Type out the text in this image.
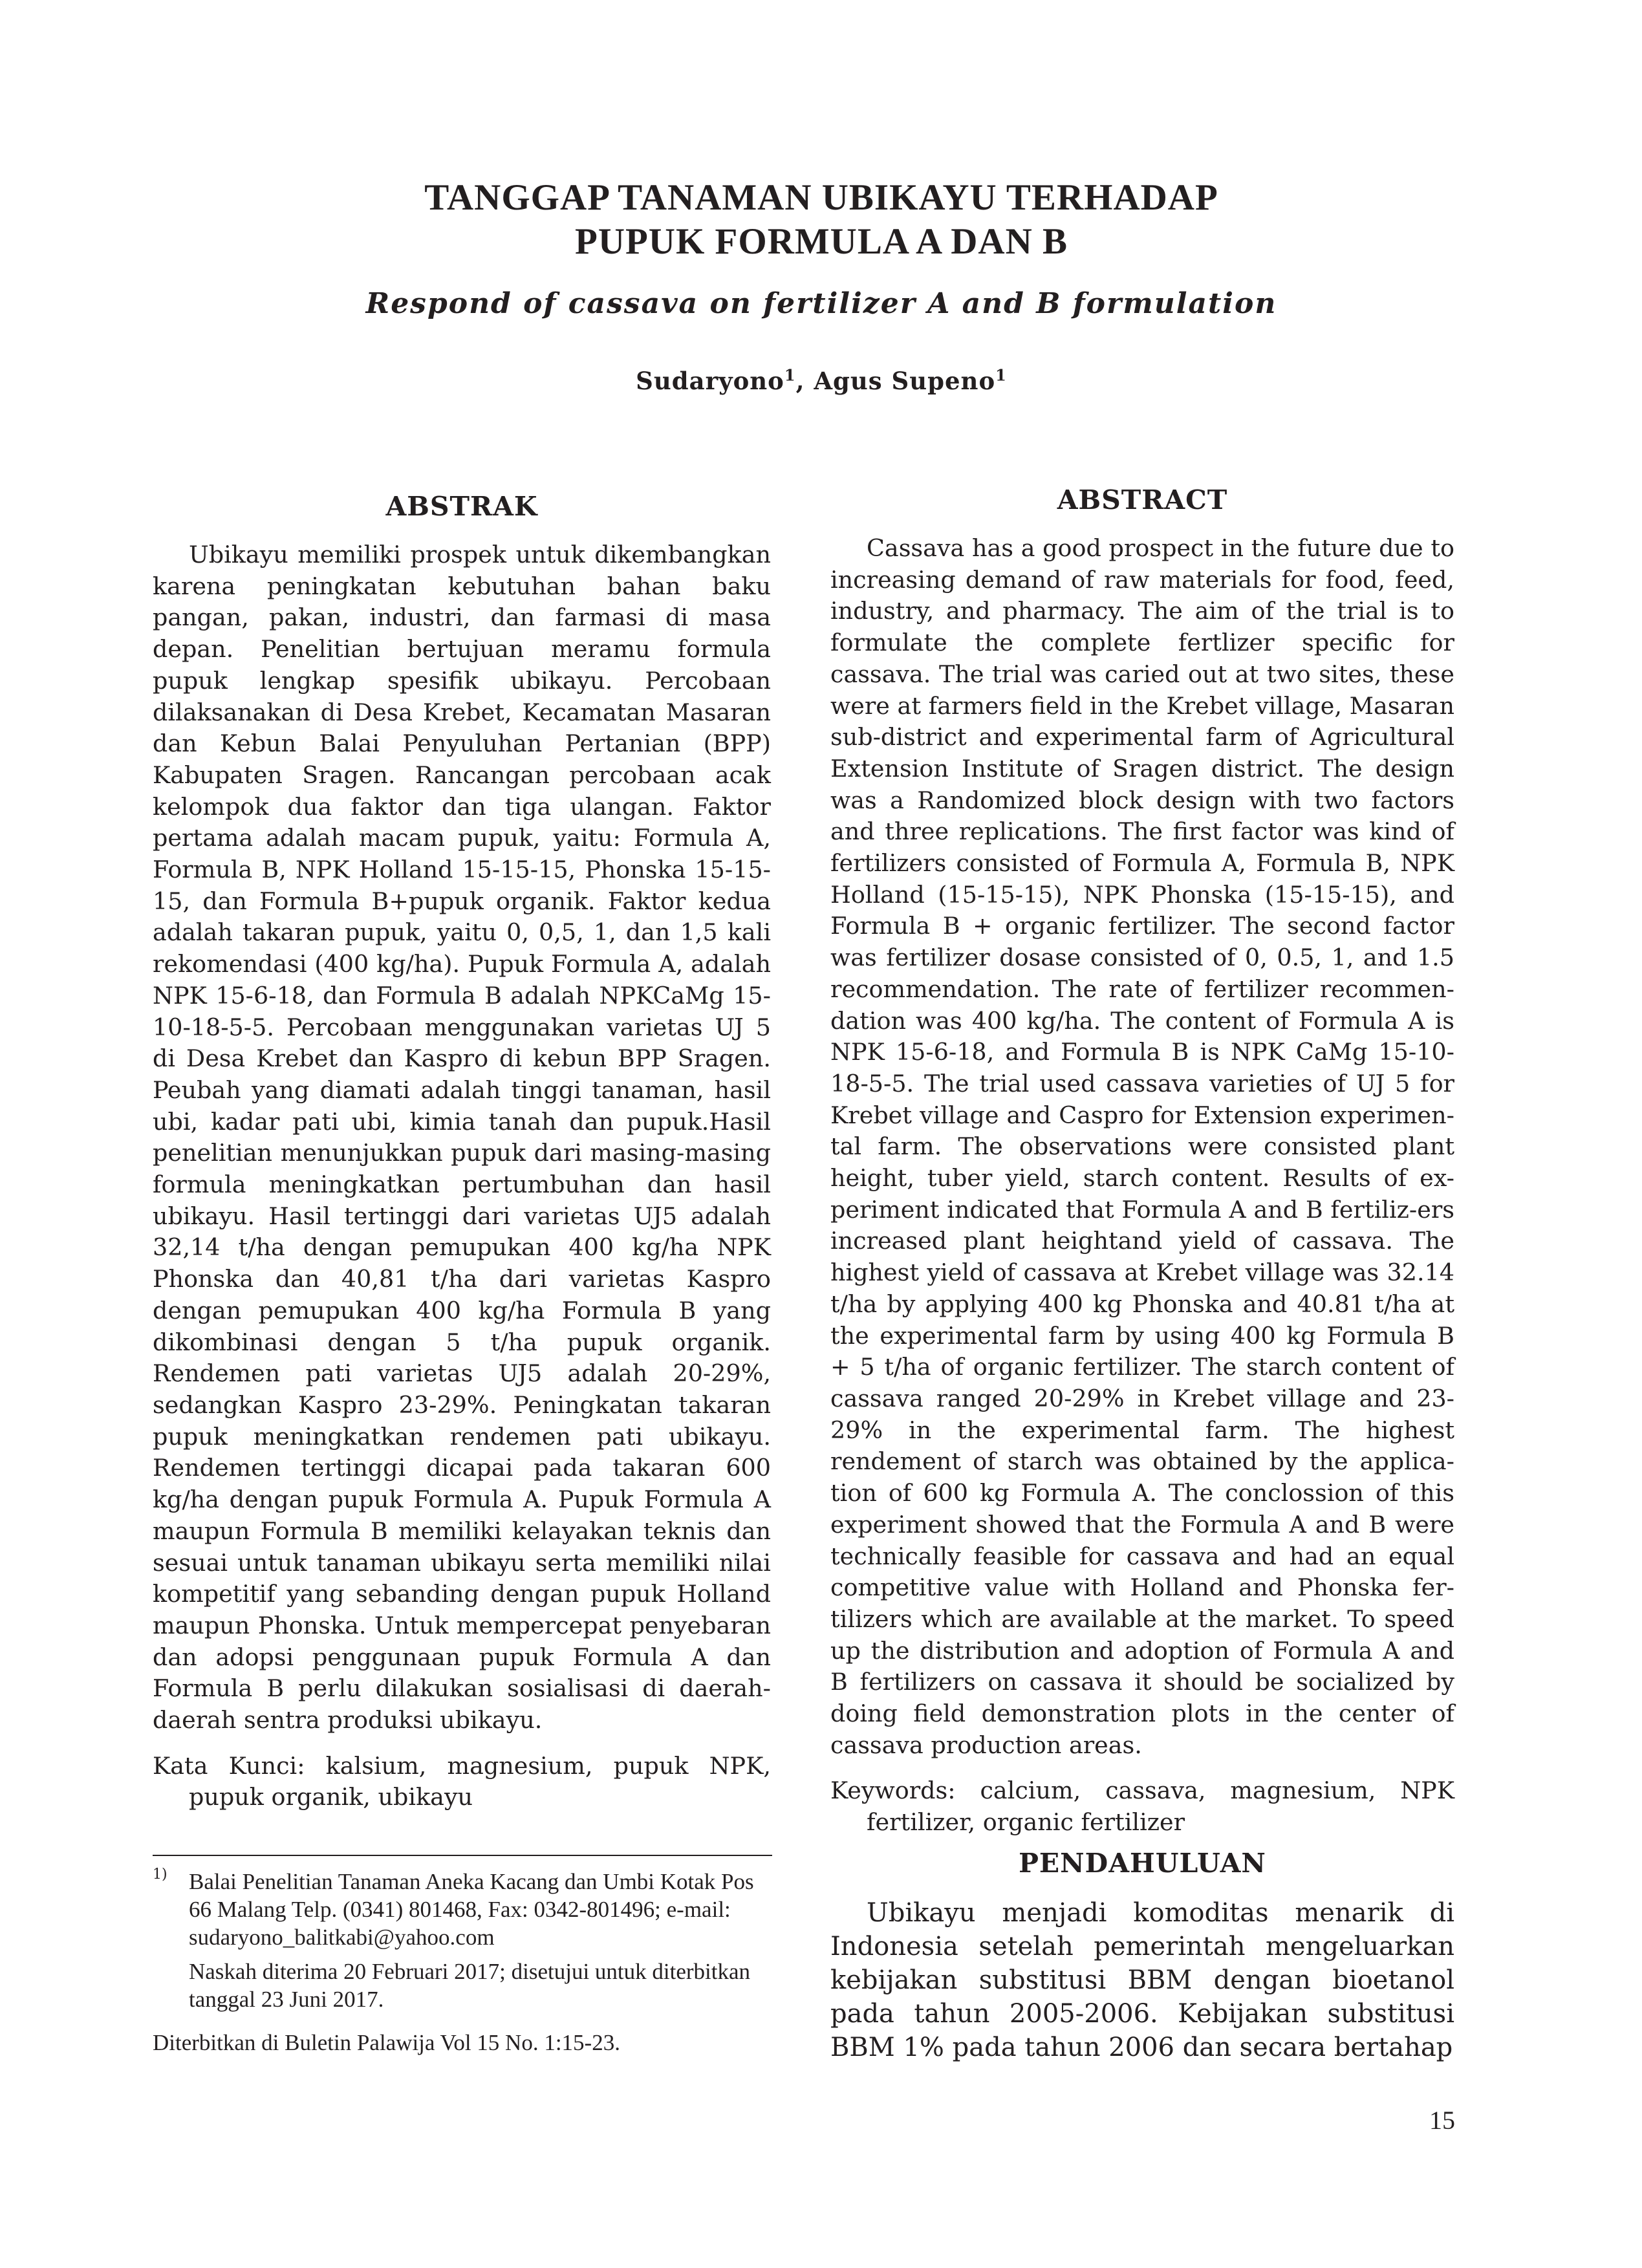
TANGGAP TANAMAN UBIKAYU TERHADAP
PUPUK FORMULA A DAN B
Respond of cassava on fertilizer A and B formulation
Sudaryono$^1$, Agus Supeno$^1$
ABSTRAK

Ubikayu memiliki prospek untuk dikembangkan karena peningkatan kebutuhan bahan baku pangan, pakan, industri, dan farmasi di masa depan. Penelitian bertujuan meramu formula pupuk lengkap spesifik ubikayu. Percobaan dilaksanakan di Desa Krebet, Kecamatan Masaran dan Kebun Balai Penyuluhan Pertanian (BPP) Kabupaten Sragen. Rancangan percobaan acak kelompok dua faktor dan tiga ulangan. Faktor pertama adalah macam pupuk, yaitu: Formula A, Formula B, NPK Holland 15-15-15, Phonska 15-15-15, dan Formula B+pupuk organik. Faktor kedua adalah takaran pupuk, yaitu 0, 0,5, 1, dan 1,5 kali rekomendasi (400 kg/ha). Pupuk Formula A, adalah NPK 15-6-18, dan Formula B adalah NPKCaMg 15-10-18-5-5. Percobaan menggunakan varietas UJ 5 di Desa Krebet dan Kaspro di kebun BPP Sragen. Peubah yang diamati adalah tinggi tanaman, hasil ubi, kadar pati ubi, kimia tanah dan pupuk.Hasil penelitian menunjukkan pupuk dari masing-masing formula meningkatkan pertumbuhan dan hasil ubikayu. Hasil tertinggi dari varietas UJ5 adalah 32,14 t/ha dengan pemupukan 400 kg/ha NPK Phonska dan 40,81 t/ha dari varietas Kaspro dengan pemupukan 400 kg/ha Formula B yang dikombinasi dengan 5 t/ha pupuk organik. Rendemen pati varietas UJ5 adalah 20-29%, sedangkan Kaspro 23-29%. Peningkatan takaran pupuk meningkatkan rendemen pati ubikayu. Rendemen tertinggi dicapai pada takaran 600 kg/ha dengan pupuk Formula A. Pupuk Formula A maupun Formula B memiliki kelayakan teknis dan sesuai untuk tanaman ubikayu serta memiliki nilai kompetitif yang sebanding dengan pupuk Holland maupun Phonska. Untuk mempercepat penyebaran dan adopsi penggunaan pupuk Formula A dan Formula B perlu dilakukan sosialisasi di daerah-daerah sentra produksi ubikayu.

Kata Kunci: kalsium, magnesium, pupuk NPK, pupuk organik, ubikayu

ABSTRACT

Cassava has a good prospect in the future due to increasing demand of raw materials for food, feed, industry, and pharmacy. The aim of the trial is to formulate the complete fertlizer specific for cassava. The trial was caried out at two sites, these were at farmers field in the Krebet village, Masaran sub-district and experimental farm of Agricultural Extension Institute of Sragen district. The design was a Randomized block design with two factors and three replications. The first factor was kind of fertilizers consisted of Formula A, Formula B, NPK Holland (15-15-15), NPK Phonska (15-15-15), and Formula B + organic fertilizer. The second factor was fertilizer dosase consisted of 0, 0.5, 1, and 1.5 recommendation. The rate of fertilizer recommen-dation was 400 kg/ha. The content of Formula A is NPK 15-6-18, and Formula B is NPK CaMg 15-10-18-5-5. The trial used cassava varieties of UJ 5 for Krebet village and Caspro for Extension experimen-tal farm. The observations were consisted plant height, tuber yield, starch content. Results of ex-periment indicated that Formula A and B fertiliz-ers increased plant heightand yield of cassava. The highest yield of cassava at Krebet village was 32.14 t/ha by applying 400 kg Phonska and 40.81 t/ha at the experimental farm by using 400 kg Formula B + 5 t/ha of organic fertilizer. The starch content of cassava ranged 20-29% in Krebet village and 23-29% in the experimental farm. The highest rendement of starch was obtained by the applica-tion of 600 kg Formula A. The conclossion of this experiment showed that the Formula A and B were technically feasible for cassava and had an equal competitive value with Holland and Phonska fer-tilizers which are available at the market. To speed up the distribution and adoption of Formula A and B fertilizers on cassava it should be socialized by doing field demonstration plots in the center of cassava production areas.

Keywords: calcium, cassava, magnesium, NPK fertilizer, organic fertilizer

PENDAHULUAN

Ubikayu menjadi komoditas menarik di Indonesia setelah pemerintah mengeluarkan kebijakan substitusi BBM dengan bioetanol pada tahun 2005-2006. Kebijakan substitusi BBM 1% pada tahun 2006 dan secara bertahap

1) Balai Penelitian Tanaman Aneka Kacang dan Umbi Kotak Pos 66 Malang Telp. (0341) 801468, Fax: 0342-801496; e-mail: sudaryono_balitkabi@yahoo.com

Naskah diterima 20 Februari 2017; disetujui untuk diterbitkan tanggal 23 Juni 2017.

Diterbitkan di Buletin Palawija Vol 15 No. 1:15-23.

15
